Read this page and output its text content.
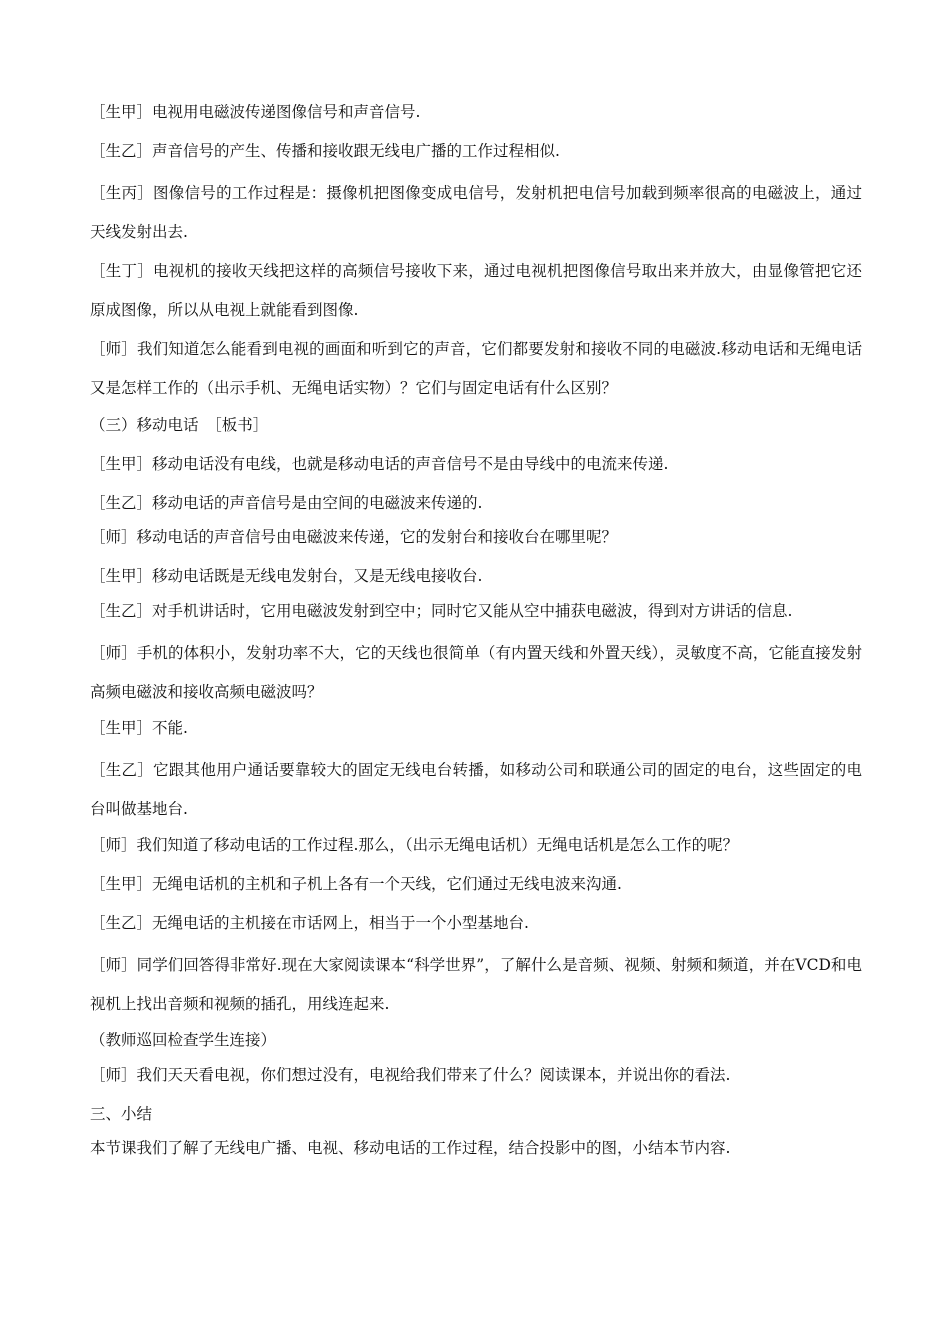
［生甲］电视用电磁波传递图像信号和声音信号.

［生乙］声音信号的产生、传播和接收跟无线电广播的工作过程相似.

［生丙］图像信号的工作过程是：摄像机把图像变成电信号，发射机把电信号加载到频率很高的电磁波上，通过天线发射出去.

［生丁］电视机的接收天线把这样的高频信号接收下来，通过电视机把图像信号取出来并放大，由显像管把它还原成图像，所以从电视上就能看到图像.

［师］我们知道怎么能看到电视的画面和听到它的声音，它们都要发射和接收不同的电磁波.移动电话和无绳电话又是怎样工作的（出示手机、无绳电话实物）？它们与固定电话有什么区别？

（三）移动电话　［板书］

［生甲］移动电话没有电线，也就是移动电话的声音信号不是由导线中的电流来传递.

［生乙］移动电话的声音信号是由空间的电磁波来传递的.

［师］移动电话的声音信号由电磁波来传递，它的发射台和接收台在哪里呢？

［生甲］移动电话既是无线电发射台，又是无线电接收台.

［生乙］对手机讲话时，它用电磁波发射到空中；同时它又能从空中捕获电磁波，得到对方讲话的信息.

［师］手机的体积小，发射功率不大，它的天线也很简单（有内置天线和外置天线），灵敏度不高，它能直接发射高频电磁波和接收高频电磁波吗？

［生甲］不能.

［生乙］它跟其他用户通话要靠较大的固定无线电台转播，如移动公司和联通公司的固定的电台，这些固定的电台叫做基地台.

［师］我们知道了移动电话的工作过程.那么，（出示无绳电话机）无绳电话机是怎么工作的呢？

［生甲］无绳电话机的主机和子机上各有一个天线，它们通过无线电波来沟通.

［生乙］无绳电话的主机接在市话网上，相当于一个小型基地台.

［师］同学们回答得非常好.现在大家阅读课本“科学世界”，了解什么是音频、视频、射频和频道，并在VCD和电视机上找出音频和视频的插孔，用线连起来.

（教师巡回检查学生连接）

［师］我们天天看电视，你们想过没有，电视给我们带来了什么？阅读课本，并说出你的看法.

三、小结

本节课我们了解了无线电广播、电视、移动电话的工作过程，结合投影中的图，小结本节内容.
